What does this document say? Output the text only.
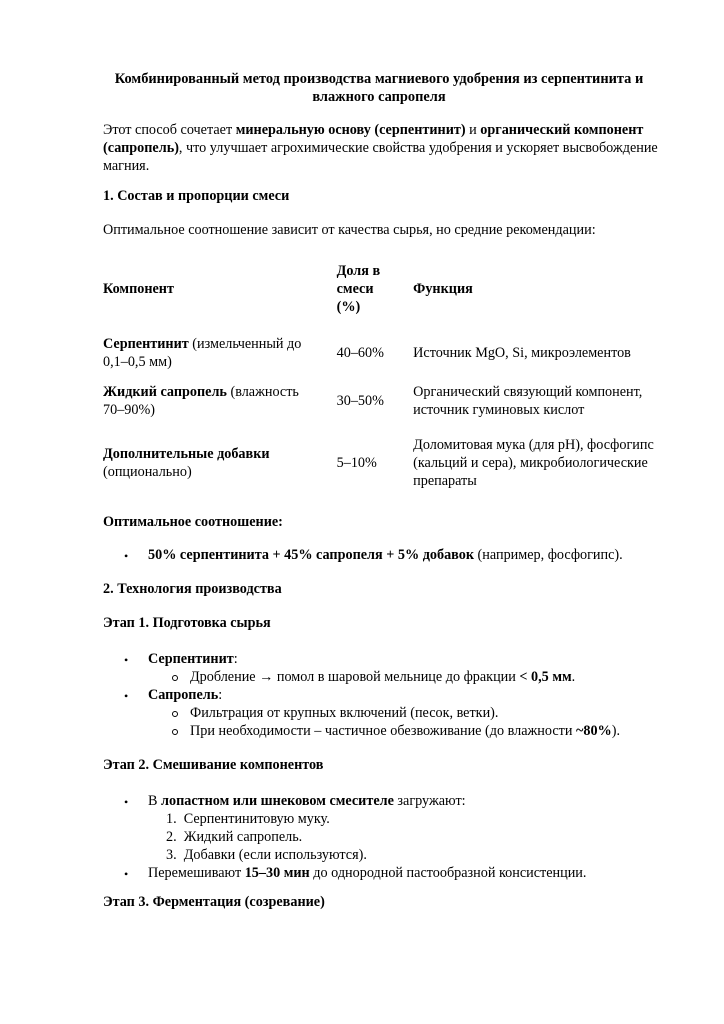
Комбинированный метод производства магниевого удобрения из серпентинита и
влажного сапропеля
Этот способ сочетает минеральную основу (серпентинит) и органический компонент (сапропель), что улучшает агрохимические свойства удобрения и ускоряет высвобождение магния.
1. Состав и пропорции смеси
Оптимальное соотношение зависит от качества сырья, но средние рекомендации:
Компонент	Доля в смеси (%)	Функция
Серпентинит (измельченный до 0,1–0,5 мм)	40–60%	Источник MgO, Si, микроэлементов
Жидкий сапропель (влажность 70–90%)	30–50%	Органический связующий компонент, источник гуминовых кислот
Дополнительные добавки (опционально)	5–10%	Доломитовая мука (для pH), фосфогипс (кальций и сера), микробиологические препараты
Оптимальное соотношение:
• 50% серпентинита + 45% сапропеля + 5% добавок (например, фосфогипс).
2. Технология производства
Этап 1. Подготовка сырья
• Серпентинит:
Дробление → помол в шаровой мельнице до фракции < 0,5 мм.
• Сапропель:
Фильтрация от крупных включений (песок, ветки).
При необходимости – частичное обезвоживание (до влажности ~80%).
Этап 2. Смешивание компонентов
• В лопастном или шнековом смесителе загружают:
1.  Серпентинитовую муку.
2.  Жидкий сапропель.
3.  Добавки (если используются).
• Перемешивают 15–30 мин до однородной пастообразной консистенции.
Этап 3. Ферментация (созревание)
